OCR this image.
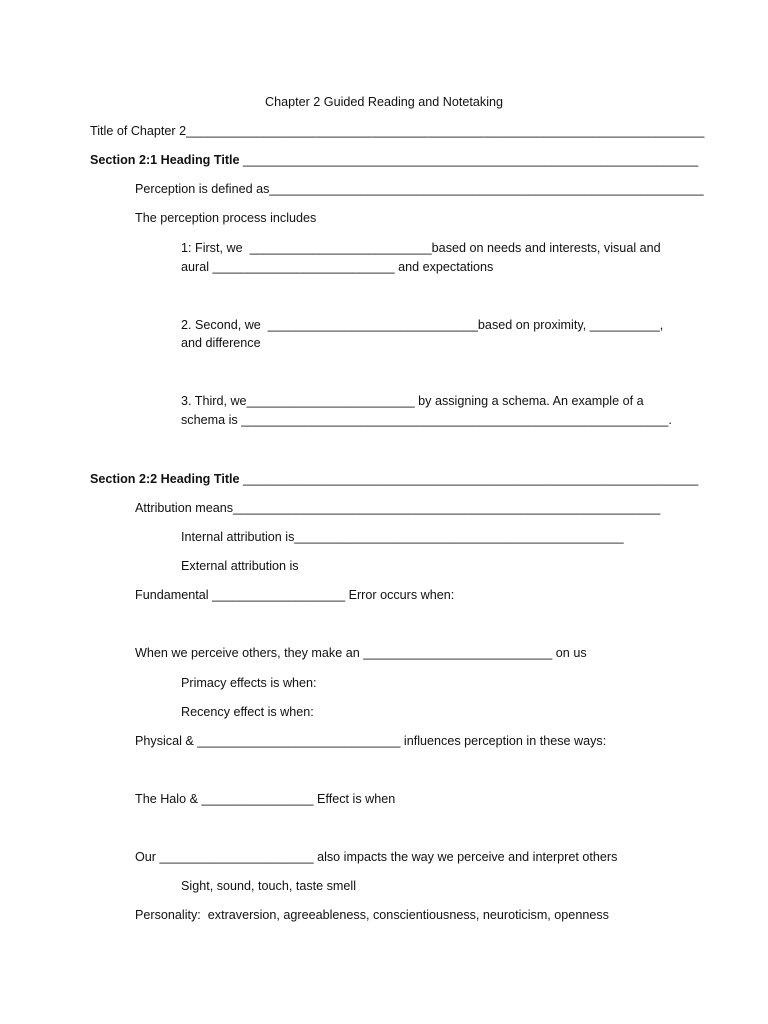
Chapter 2 Guided Reading and Notetaking
Title of Chapter 2__________________________________________________________________________
Section 2:1 Heading Title _________________________________________________________________
Perception is defined as______________________________________________________________
The perception process includes
1: First, we  __________________________based on needs and interests, visual and
aural __________________________ and expectations
2. Second, we  ______________________________based on proximity, __________,
and difference
3. Third, we________________________ by assigning a schema. An example of a
schema is _____________________________________________________________.
Section 2:2 Heading Title _________________________________________________________________
Attribution means_____________________________________________________________
Internal attribution is_______________________________________________
External attribution is
Fundamental ___________________ Error occurs when:
When we perceive others, they make an ___________________________ on us
Primacy effects is when:
Recency effect is when:
Physical & _____________________________ influences perception in these ways:
The Halo & ________________ Effect is when
Our ______________________ also impacts the way we perceive and interpret others
Sight, sound, touch, taste smell
Personality:  extraversion, agreeableness, conscientiousness, neuroticism, openness
